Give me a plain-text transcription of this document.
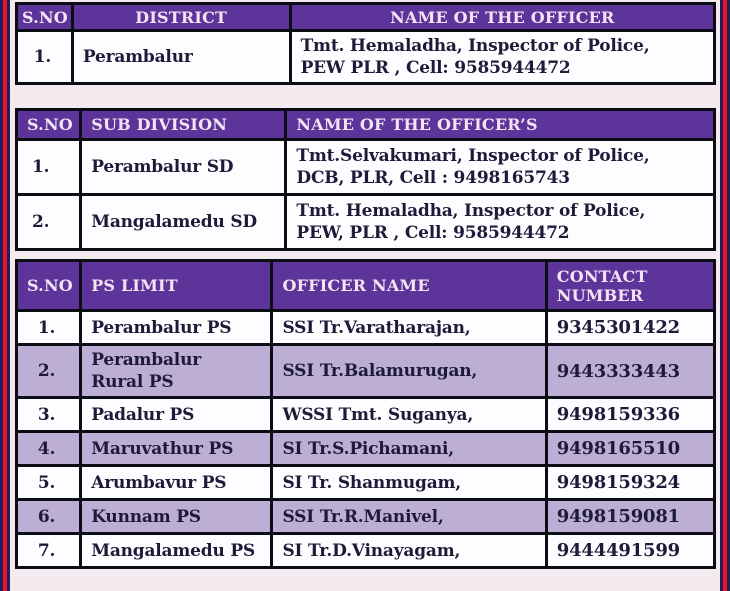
S.NO	DISTRICT	NAME OF THE OFFICER
1.	Perambalur	Tmt. Hemaladha, Inspector of Police, PEW PLR , Cell: 9585944472
S.NO	SUB DIVISION	NAME OF THE OFFICER’S
1.	Perambalur SD	Tmt.Selvakumari, Inspector of Police, DCB, PLR, Cell : 9498165743
2.	Mangalamedu SD	Tmt. Hemaladha, Inspector of Police, PEW, PLR , Cell: 9585944472
S.NO	PS LIMIT	OFFICER NAME	CONTACT NUMBER
1.	Perambalur PS	SSI Tr.Varatharajan,	9345301422
2.	Perambalur Rural PS	SSI Tr.Balamurugan,	9443333443
3.	Padalur PS	WSSI Tmt. Suganya,	9498159336
4.	Maruvathur PS	SI Tr.S.Pichamani,	9498165510
5.	Arumbavur PS	SI Tr. Shanmugam,	9498159324
6.	Kunnam PS	SSI Tr.R.Manivel,	9498159081
7.	Mangalamedu PS	SI Tr.D.Vinayagam,	9444491599
